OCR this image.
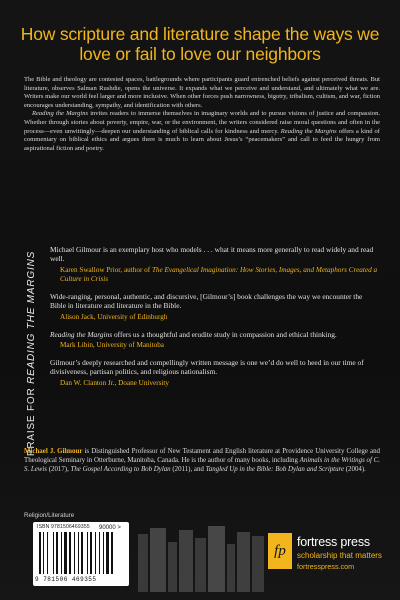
How scripture and literature shape the ways we love or fail to love our neighbors

The Bible and theology are contested spaces, battlegrounds where participants guard entrenched beliefs against perceived threats. But literature, observes Salman Rushdie, opens the universe. It expands what we perceive and understand, and ultimately what we are. Writers make our world feel larger and more inclusive. When other forces push narrowness, bigotry, tribalism, cultism, and war, fiction encourages understanding, sympathy, and identification with others.

Reading the Margins invites readers to immerse themselves in imaginary worlds and to pursue visions of justice and compassion. Whether through stories about poverty, empire, war, or the environment, the writers considered raise moral questions and often in the process—even unwittingly—deepen our understanding of biblical calls for kindness and mercy. Reading the Margins offers a kind of commentary on biblical ethics and argues there is much to learn about Jesus’s “peacemakers” and call to feed the hungry from aspirational fiction and poetry.

PRAISE FOR READING THE MARGINS
Michael Gilmour is an exemplary host who models . . . what it means more generally to read widely and read well.
Karen Swallow Prior, author of The Evangelical Imagination: How Stories, Images, and Metaphors Created a Culture in Crisis
Wide-ranging, personal, authentic, and discursive, [Gilmour’s] book challenges the way we encounter the Bible in literature and literature in the Bible.
Alison Jack, University of Edinburgh
Reading the Margins offers us a thoughtful and erudite study in compassion and ethical thinking.
Mark Libin, University of Manitoba
Gilmour’s deeply researched and compellingly written message is one we’d do well to heed in our time of divisiveness, partisan politics, and religious nationalism.
Dan W. Clanton Jr., Doane University
Michael J. Gilmour is Distinguished Professor of New Testament and English literature at Providence University College and Theological Seminary in Otterburne, Manitoba, Canada. He is the author of many books, including Animals in the Writings of C. S. Lewis (2017), The Gospel According to Bob Dylan (2011), and Tangled Up in the Bible: Bob Dylan and Scripture (2004).
Religion/Literature
ISBN 9781506469355 90000 >
9 781506 469355
fp
fortress press
scholarship that matters
fortresspress.com
